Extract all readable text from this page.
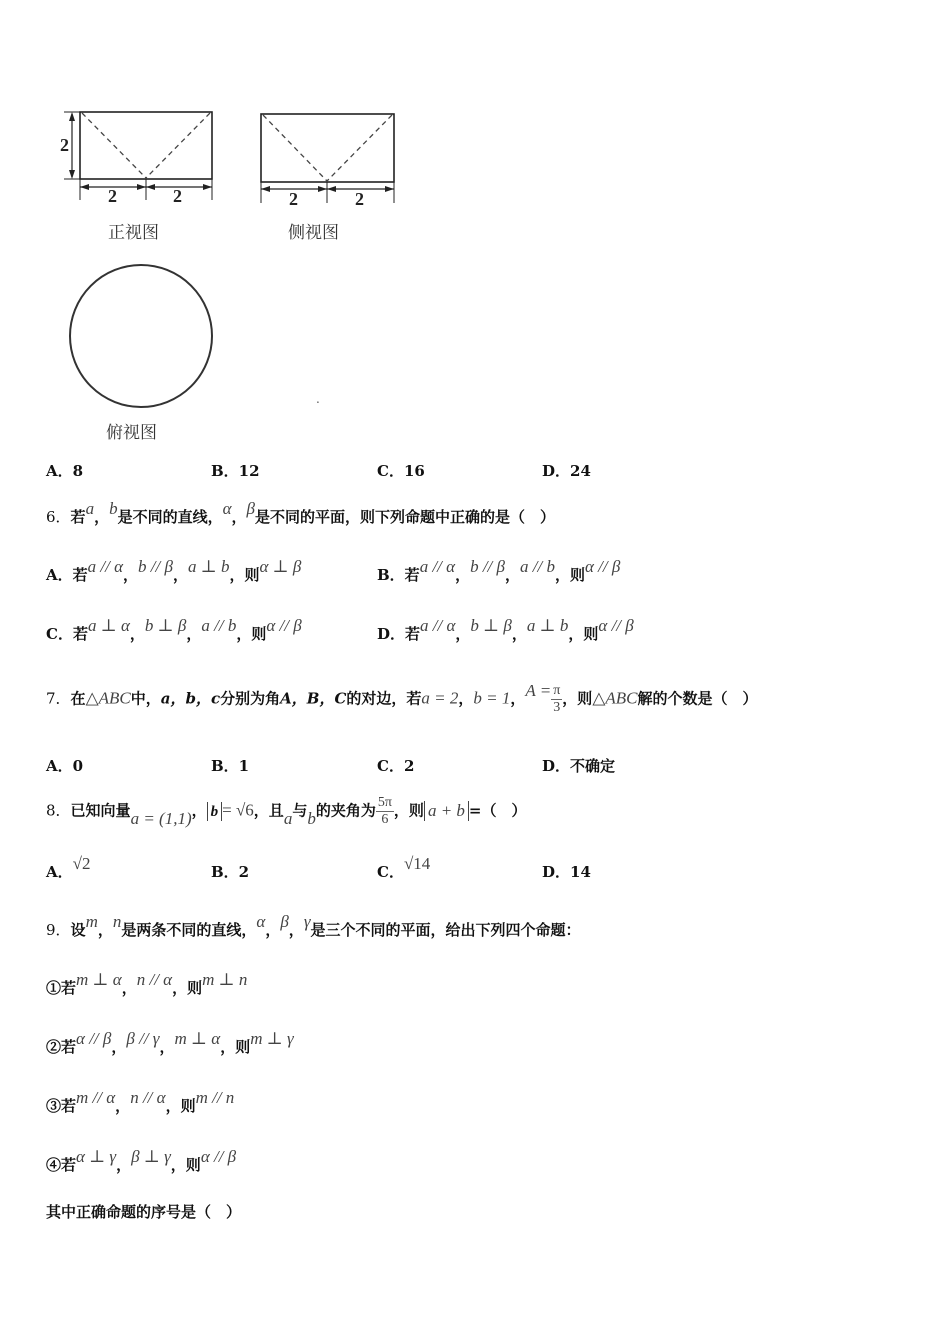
2
2	2	2	2
.
正视图	侧视图
俯视图
A．8	B．12	C．16	D．24
6．若a，b是不同的直线，α，β是不同的平面，则下列命题中正确的是（　）
A．若a // α，b // β，a ⊥ b，则α ⊥ β	B．若a // α，b // β，a // b，则α // β
C．若a ⊥ α，b ⊥ β，a // b，则α // β	D．若a // α，b ⊥ β，a ⊥ b，则α // β
7．在△ABC中，a，b，c分别为角A，B，C的对边，若a = 2，b = 1，$A = \frac{\pi}{3}$ ，则△ABC解的个数是（　）
A．0	B．1	C．2	D．不确定
8．已知向量a = (1,1)， b = √6，且a与b的夹角为 $\frac{5\pi}{6}$ ，则 a + b =（　）
A．√2	B．2	C．√14	D．14
9．设m，n是两条不同的直线，α，β，γ是三个不同的平面，给出下列四个命题：
①若m ⊥ α，n // α，则m ⊥ n
②若α // β，β // γ，m ⊥ α，则m ⊥ γ
③若m // α，n // α，则m // n
④若α ⊥ γ，β ⊥ γ，则α // β
其中正确命题的序号是（　）
